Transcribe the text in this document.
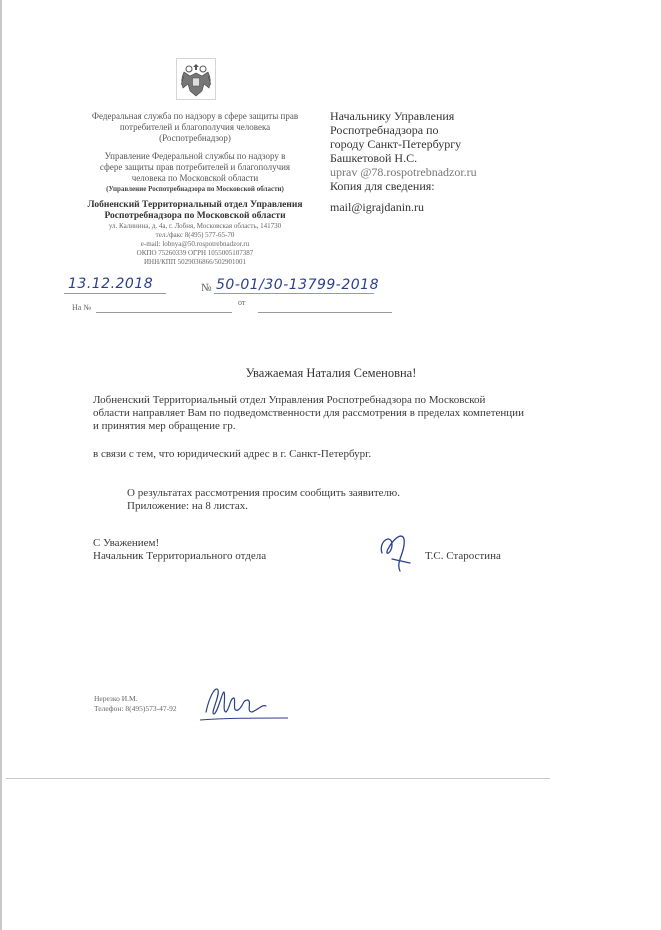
Федеральная служба по надзору в сфере защиты прав
потребителей и благополучия человека
(Роспотребнадзор)
Управление Федеральной службы по надзору в
сфере защиты прав потребителей и благополучия
человека по Московской области
(Управление Роспотребнадзора по Московской области)
Лобненский Территориальный отдел Управления
Роспотребнадзора по Московской области
ул. Калинина, д. 4а, г. Лобня, Московская область, 141730
тел./факс 8(495) 577-65-70
e-mail: lobnya@50.rospotrebnadzor.ru
ОКПО 75260339 ОГРН 1055005107387
ИНН/КПП 5029036866/502901001
Начальнику Управления
Роспотребнадзора по
городу Санкт-Петербургу
Башкетовой Н.С.
uprav @78.rospotrebnadzor.ru
Копия для сведения:
mail@igrajdanin.ru
13.12.2018	№ 50-01/30-13799-2018
На №
от
Уважаемая Наталия Семеновна!
Лобненский Территориальный отдел Управления Роспотребнадзора по Московской
области направляет Вам по подведомственности для рассмотрения в пределах компетенции
и принятия мер обращение гр.
в связи с тем, что юридический адрес в г. Санкт-Петербург.
О результатах рассмотрения просим сообщить заявителю.
Приложение: на 8 листах.
С Уважением!
Начальник Территориального отдела	Т.С. Старостина
Нерезко И.М.
Телефон: 8(495)573-47-92
